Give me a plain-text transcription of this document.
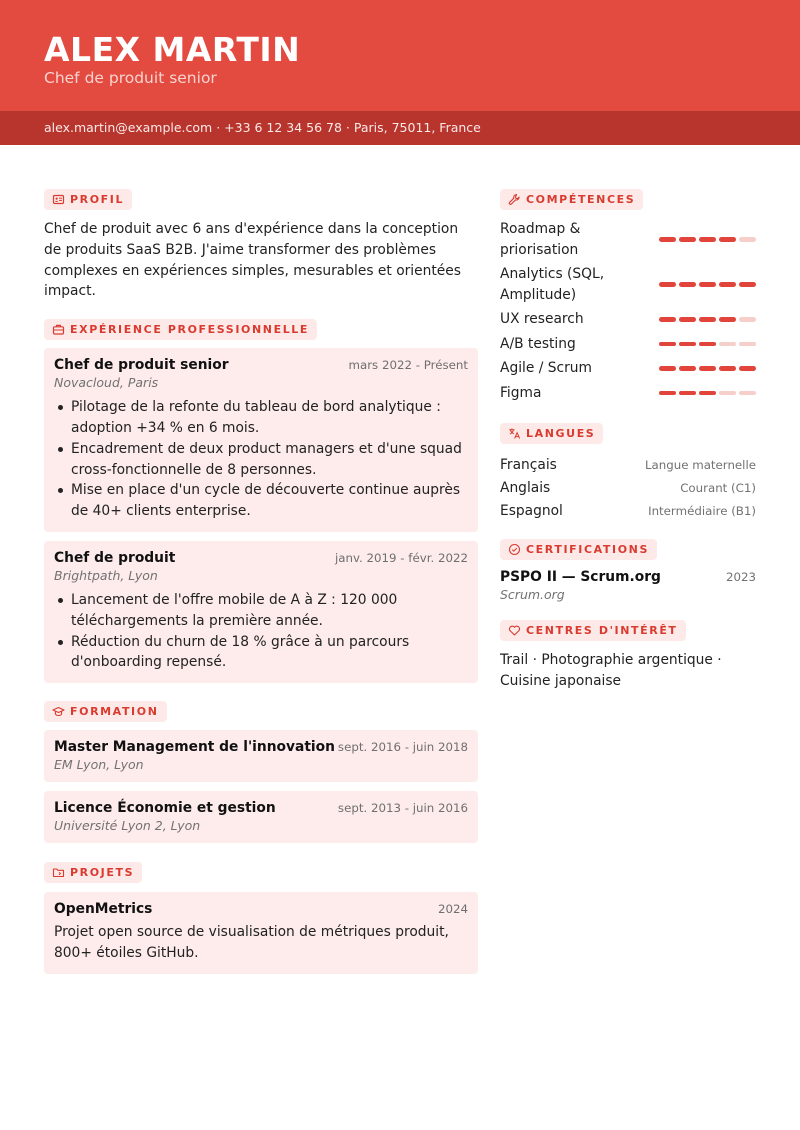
ALEX MARTIN
Chef de produit senior
alex.martin@example.com · +33 6 12 34 56 78 · Paris, 75011, France
PROFIL

Chef de produit avec 6 ans d'expérience dans la conception de produits SaaS B2B. J'aime transformer des problèmes complexes en expériences simples, mesurables et orientées impact.

EXPÉRIENCE PROFESSIONNELLE
Chef de produit senior	mars 2022 - Présent
Novacloud, Paris
Pilotage de la refonte du tableau de bord analytique : adoption +34 % en 6 mois.
Encadrement de deux product managers et d'une squad cross-fonctionnelle de 8 personnes.
Mise en place d'un cycle de découverte continue auprès de 40+ clients enterprise.
Chef de produit	janv. 2019 - févr. 2022
Brightpath, Lyon
Lancement de l'offre mobile de A à Z : 120 000 téléchargements la première année.
Réduction du churn de 18 % grâce à un parcours d'onboarding repensé.
FORMATION
Master Management de l'innovation sept. 2016 - juin 2018
EM Lyon, Lyon
Licence Économie et gestion	sept. 2013 - juin 2016
Université Lyon 2, Lyon
PROJETS
OpenMetrics	2024
Projet open source de visualisation de métriques produit, 800+ étoiles GitHub.
COMPÉTENCES
Roadmap & priorisation
Analytics (SQL, Amplitude)
UX research
A/B testing
Agile / Scrum
Figma
LANGUES
Français	Langue maternelle
Anglais	Courant (C1)
Espagnol	Intermédiaire (B1)
CERTIFICATIONS
PSPO II — Scrum.org	2023
Scrum.org
CENTRES D'INTÉRÊT

Trail · Photographie argentique · Cuisine japonaise
